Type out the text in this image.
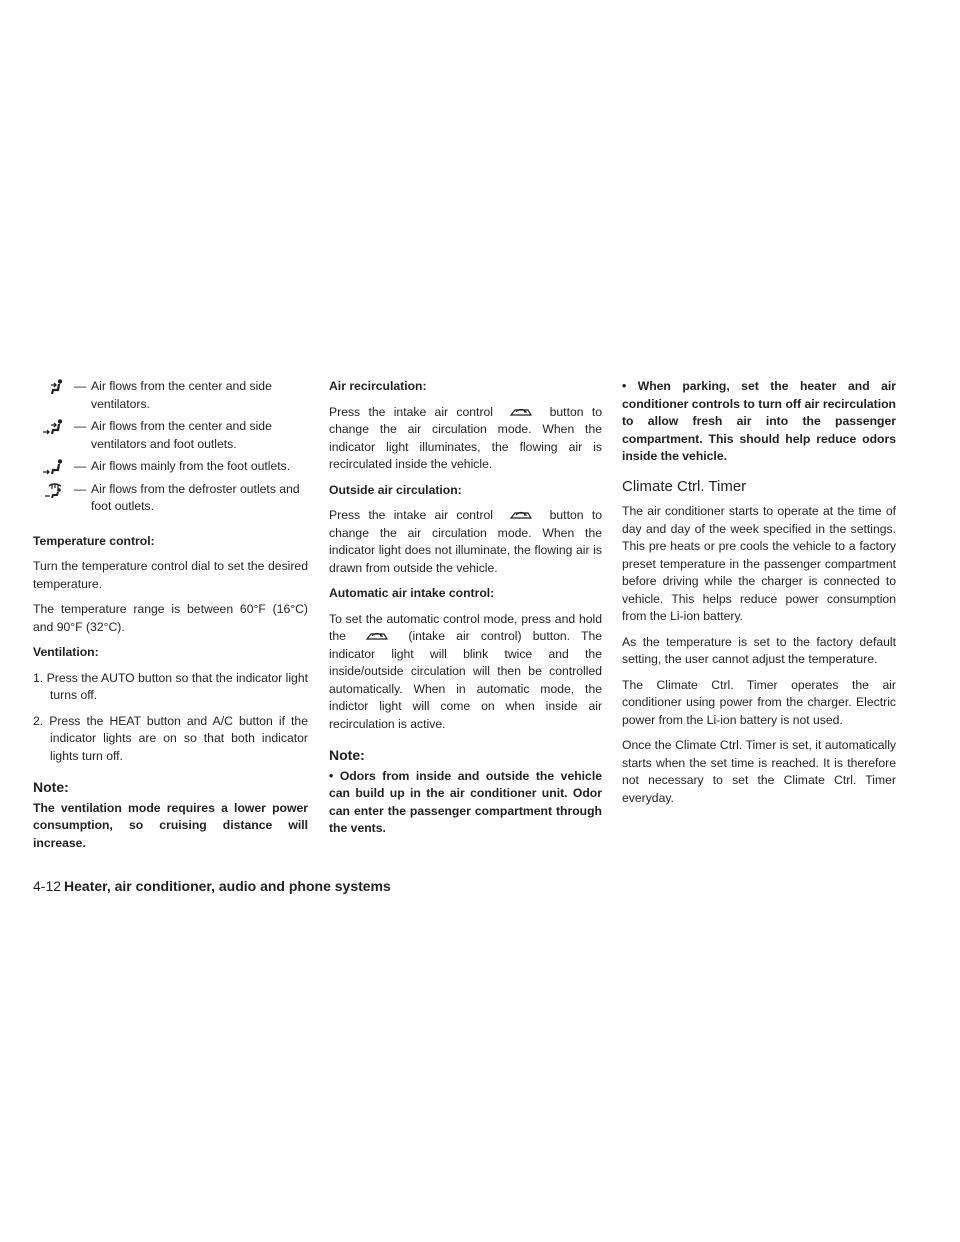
— Air flows from the center and side ventilators.
— Air flows from the center and side ventilators and foot outlets.
— Air flows mainly from the foot outlets.
— Air flows from the defroster outlets and foot outlets.
Temperature control:

Turn the temperature control dial to set the desired temperature.

The temperature range is between 60°F (16°C) and 90°F (32°C).

Ventilation:

1. Press the AUTO button so that the indicator light turns off.

2. Press the HEAT button and A/C button if the indicator lights are on so that both indicator lights turn off.

Note:

The ventilation mode requires a lower power consumption, so cruising distance will increase.

Air recirculation:

Press the intake air control	button to change the air circulation mode. When the indicator light illuminates, the flowing air is recirculated inside the vehicle.

Outside air circulation:

Press the intake air control	button to change the air circulation mode. When the indicator light does not illuminate, the flowing air is drawn from outside the vehicle.

Automatic air intake control:

To set the automatic control mode, press and hold the	(intake air control) button. The indicator light will blink twice and the inside/outside circulation will then be controlled automatically. When in automatic mode, the indictor light will come on when inside air recirculation is active.

Note:

• Odors from inside and outside the vehicle can build up in the air conditioner unit. Odor can enter the passenger compartment through the vents.

• When parking, set the heater and air conditioner controls to turn off air recirculation to allow fresh air into the passenger compartment. This should help reduce odors inside the vehicle.

Climate Ctrl. Timer

The air conditioner starts to operate at the time of day and day of the week specified in the settings. This pre heats or pre cools the vehicle to a factory preset temperature in the passenger compartment before driving while the charger is connected to vehicle. This helps reduce power consumption from the Li-ion battery.

As the temperature is set to the factory default setting, the user cannot adjust the temperature.

The Climate Ctrl. Timer operates the air conditioner using power from the charger. Electric power from the Li-ion battery is not used.

Once the Climate Ctrl. Timer is set, it automatically starts when the set time is reached. It is therefore not necessary to set the Climate Ctrl. Timer everyday.

4-12 Heater, air conditioner, audio and phone systems
